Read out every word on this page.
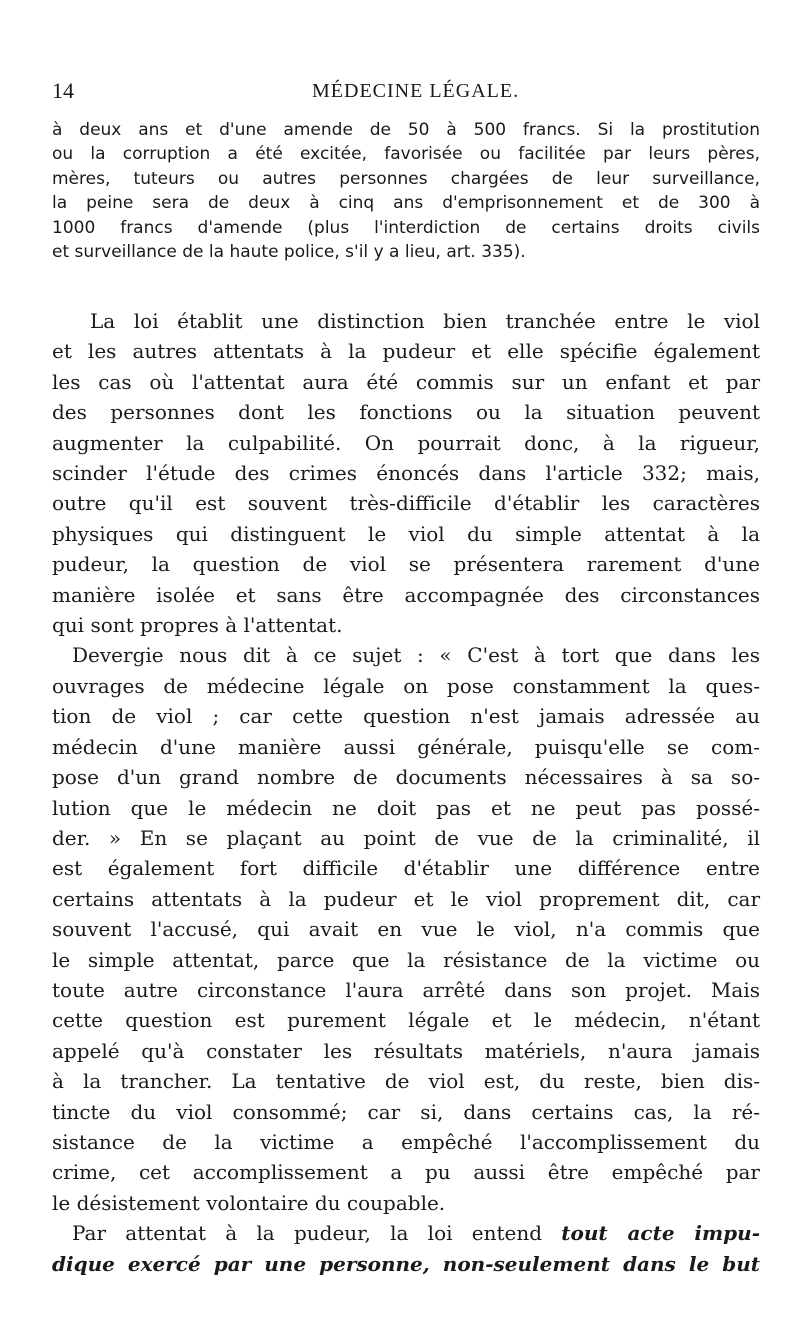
14	MÉDECINE LÉGALE.
à deux ans et d'une amende de 50 à 500 francs. Si la prostitution
ou la corruption a été excitée, favorisée ou facilitée par leurs pères,
mères, tuteurs ou autres personnes chargées de leur surveillance,
la peine sera de deux à cinq ans d'emprisonnement et de 300 à
1000 francs d'amende (plus l'interdiction de certains droits civils
et surveillance de la haute police, s'il y a lieu, art. 335).
La loi établit une distinction bien tranchée entre le viol
et les autres attentats à la pudeur et elle spécifie également
les cas où l'attentat aura été commis sur un enfant et par
des personnes dont les fonctions ou la situation peuvent
augmenter la culpabilité. On pourrait donc, à la rigueur,
scinder l'étude des crimes énoncés dans l'article 332; mais,
outre qu'il est souvent très-difficile d'établir les caractères
physiques qui distinguent le viol du simple attentat à la
pudeur, la question de viol se présentera rarement d'une
manière isolée et sans être accompagnée des circonstances
qui sont propres à l'attentat.
Devergie nous dit à ce sujet : « C'est à tort que dans les
ouvrages de médecine légale on pose constamment la ques-
tion de viol ; car cette question n'est jamais adressée au
médecin d'une manière aussi générale, puisqu'elle se com-
pose d'un grand nombre de documents nécessaires à sa so-
lution que le médecin ne doit pas et ne peut pas possé-
der. » En se plaçant au point de vue de la criminalité, il
est également fort difficile d'établir une différence entre
certains attentats à la pudeur et le viol proprement dit, car
souvent l'accusé, qui avait en vue le viol, n'a commis que
le simple attentat, parce que la résistance de la victime ou
toute autre circonstance l'aura arrêté dans son projet. Mais
cette question est purement légale et le médecin, n'étant
appelé qu'à constater les résultats matériels, n'aura jamais
à la trancher. La tentative de viol est, du reste, bien dis-
tincte du viol consommé; car si, dans certains cas, la ré-
sistance de la victime a empêché l'accomplissement du
crime, cet accomplissement a pu aussi être empêché par
le désistement volontaire du coupable.
Par attentat à la pudeur, la loi entend tout acte impu-
dique exercé par une personne, non-seulement dans le but
